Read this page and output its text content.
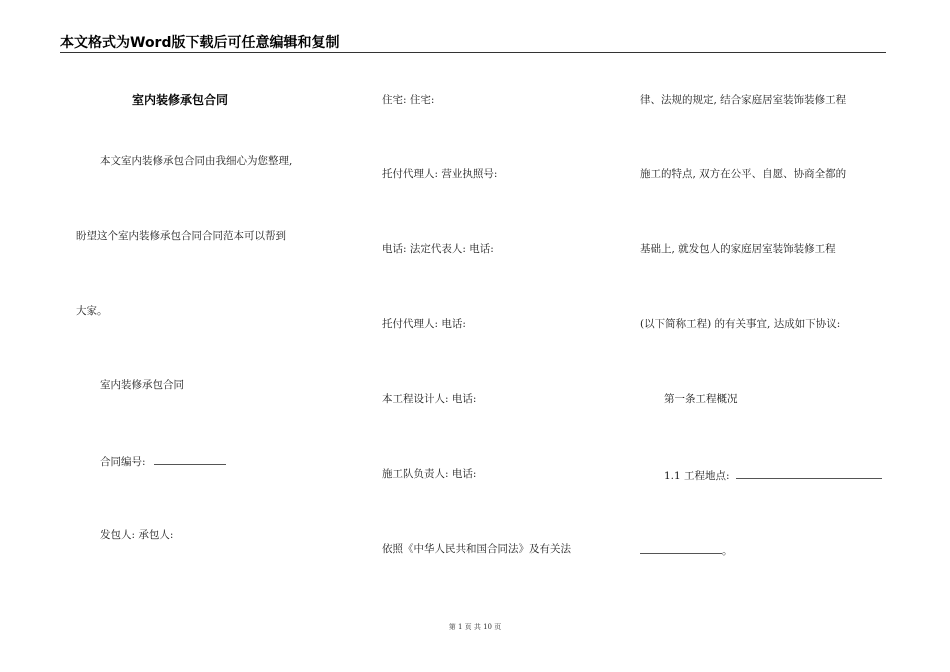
本文格式为Word版下载后可任意编辑和复制
室内装修承包合同
本文室内装修承包合同由我细心为您整理,
盼望这个室内装修承包合同合同范本可以帮到
大家。
室内装修承包合同
合同编号:
发包人: 承包人:
住宅: 住宅:
托付代理人: 营业执照号:
电话: 法定代表人: 电话:
托付代理人: 电话:
本工程设计人: 电话:
施工队负责人: 电话:
依照《中华人民共和国合同法》及有关法
律、法规的规定, 结合家庭居室装饰装修工程
施工的特点, 双方在公平、自愿、协商全都的
基础上, 就发包人的家庭居室装饰装修工程
(以下简称工程) 的有关事宜, 达成如下协议:
第一条工程概况
1.1 工程地点:
。
第 1 页 共 10 页
